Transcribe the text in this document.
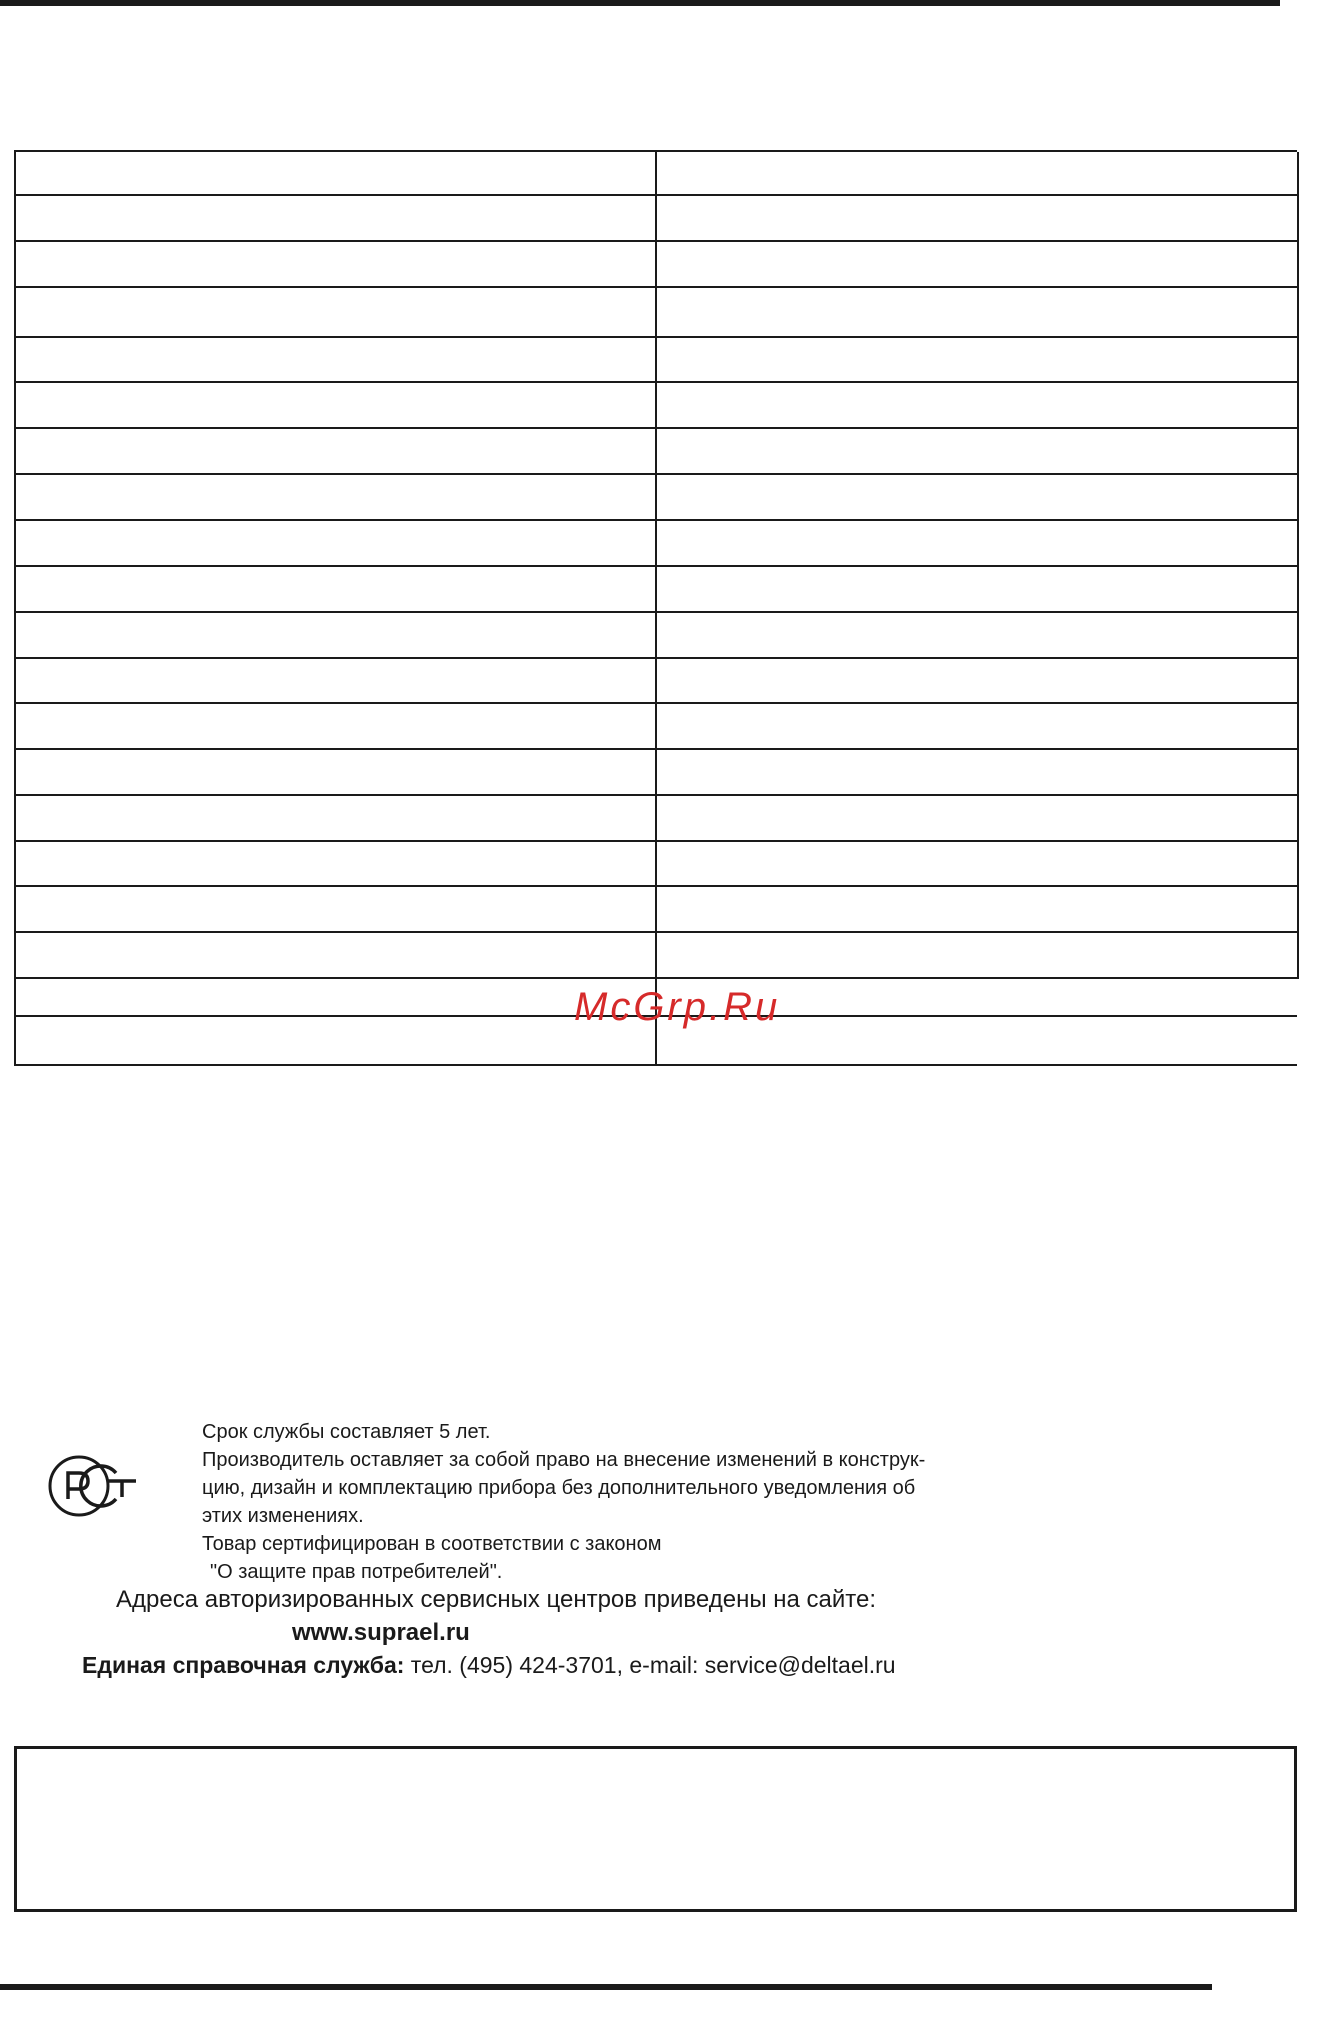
McGrp.Ru

Срок службы составляет 5 лет.

Производитель оставляет за собой право на внесение изменений в конструк-

цию, дизайн и комплектацию прибора без дополнительного уведомления об

этих изменениях.

Товар сертифицирован в соответствии с законом

"О защите прав потребителей".

Адреса авторизированных сервисных центров приведены на сайте:
www.suprael.ru
Единая справочная служба: тел. (495) 424-3701, e-mail: service@deltael.ru
